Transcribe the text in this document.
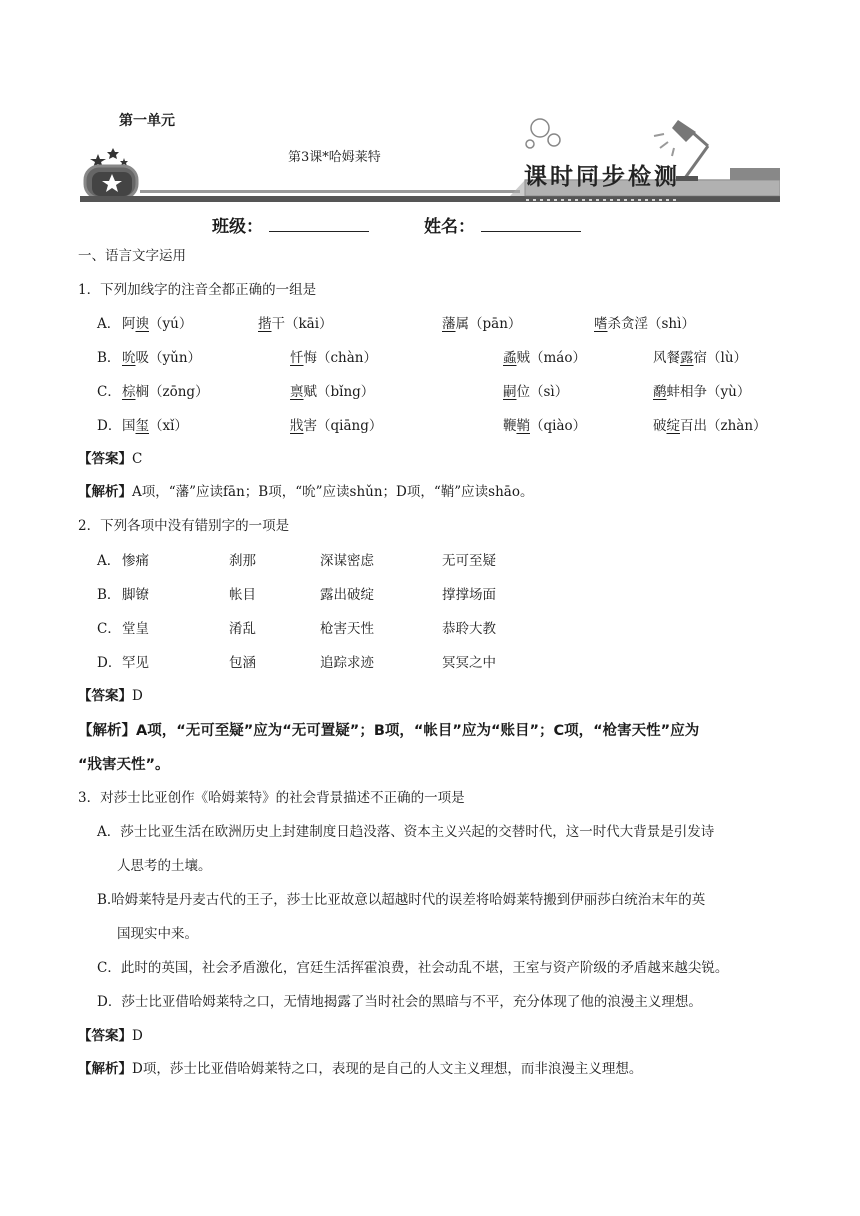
第一单元
课时同步检测
第3课*哈姆莱特
班级：	姓名：
一、语言文字运用
1．下列加线字的注音全都正确的一组是
A． 阿谀（yú）	揩干（kāi）	藩属（pān）	嗜杀贪淫（shì）
B． 吮吸（yǔn）	忏悔（chàn）	蟊贼（máo）	风餐露宿（lù）
C． 棕榈（zōng）	禀赋（bǐng）	嗣位（sì）	鹬蚌相争（yù）
D． 国玺（xǐ）	戕害（qiāng）	鞭鞘（qiào）	破绽百出（zhàn）
【答案】C
【解析】A项，“藩”应读fān；B项，“吮”应读shǔn；D项，“鞘”应读shāo。
2．下列各项中没有错别字的一项是
A． 惨痛	刹那	深谋密虑	无可至疑
B． 脚镣	帐目	露出破绽	撑撑场面
C． 堂皇	淆乱	枪害天性	恭聆大教
D． 罕见	包涵	追踪求迹	冥冥之中
【答案】D
【解析】A项，“无可至疑”应为“无可置疑”；B项，“帐目”应为“账目”；C项，“枪害天性”应为
“戕害天性”。
3．对莎士比亚创作《哈姆莱特》的社会背景描述不正确的一项是
A．莎士比亚生活在欧洲历史上封建制度日趋没落、资本主义兴起的交替时代，这一时代大背景是引发诗
人思考的土壤。
B.哈姆莱特是丹麦古代的王子，莎士比亚故意以超越时代的误差将哈姆莱特搬到伊丽莎白统治末年的英
国现实中来。
C．此时的英国，社会矛盾激化，宫廷生活挥霍浪费，社会动乱不堪，王室与资产阶级的矛盾越来越尖锐。
D．莎士比亚借哈姆莱特之口，无情地揭露了当时社会的黑暗与不平，充分体现了他的浪漫主义理想。
【答案】D
【解析】D项，莎士比亚借哈姆莱特之口，表现的是自己的人文主义理想，而非浪漫主义理想。
